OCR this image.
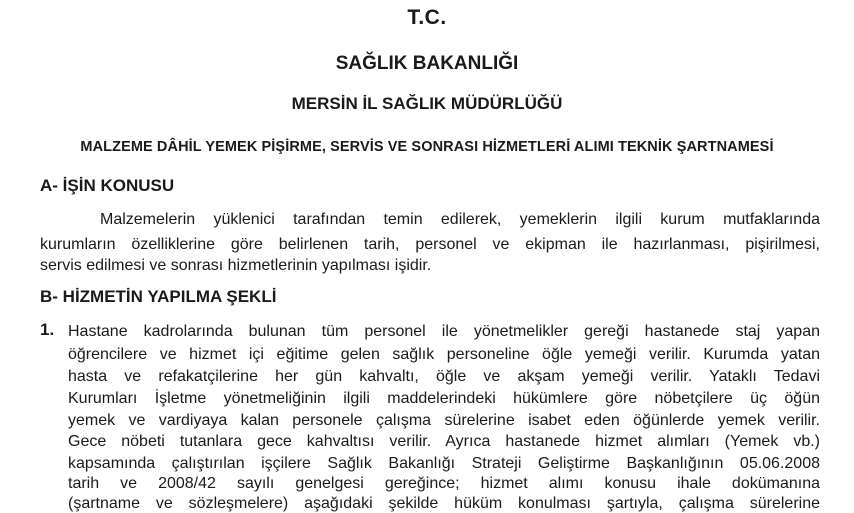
T.C.
SAĞLIK BAKANLIĞI
MERSİN İL SAĞLIK MÜDÜRLÜĞÜ
MALZEME DÂHİL YEMEK PİŞİRME, SERVİS VE SONRASI HİZMETLERİ ALIMI TEKNİK ŞARTNAMESİ
A- İŞİN KONUSU
Malzemelerin yüklenici tarafından temin edilerek, yemeklerin ilgili kurum mutfaklarında
kurumların özelliklerine göre belirlenen tarih, personel ve ekipman ile hazırlanması, pişirilmesi,
servis edilmesi ve sonrası hizmetlerinin yapılması işidir.
B- HİZMETİN YAPILMA ŞEKLİ
1. Hastane kadrolarında bulunan tüm personel ile yönetmelikler gereği hastanede staj yapan
öğrencilere ve hizmet içi eğitime gelen sağlık personeline öğle yemeği verilir. Kurumda yatan
hasta ve refakatçilerine her gün kahvaltı, öğle ve akşam yemeği verilir. Yataklı Tedavi
Kurumları İşletme yönetmeliğinin ilgili maddelerindeki hükümlere göre nöbetçilere üç öğün
yemek ve vardiyaya kalan personele çalışma sürelerine isabet eden öğünlerde yemek verilir.
Gece nöbeti tutanlara gece kahvaltısı verilir. Ayrıca hastanede hizmet alımları (Yemek vb.)
kapsamında çalıştırılan işçilere Sağlık Bakanlığı Strateji Geliştirme Başkanlığının 05.06.2008
tarih ve 2008/42 sayılı genelgesi gereğince; hizmet alımı konusu ihale dokümanına
(şartname ve sözleşmelere) aşağıdaki şekilde hüküm konulması şartıyla, çalışma sürelerine
